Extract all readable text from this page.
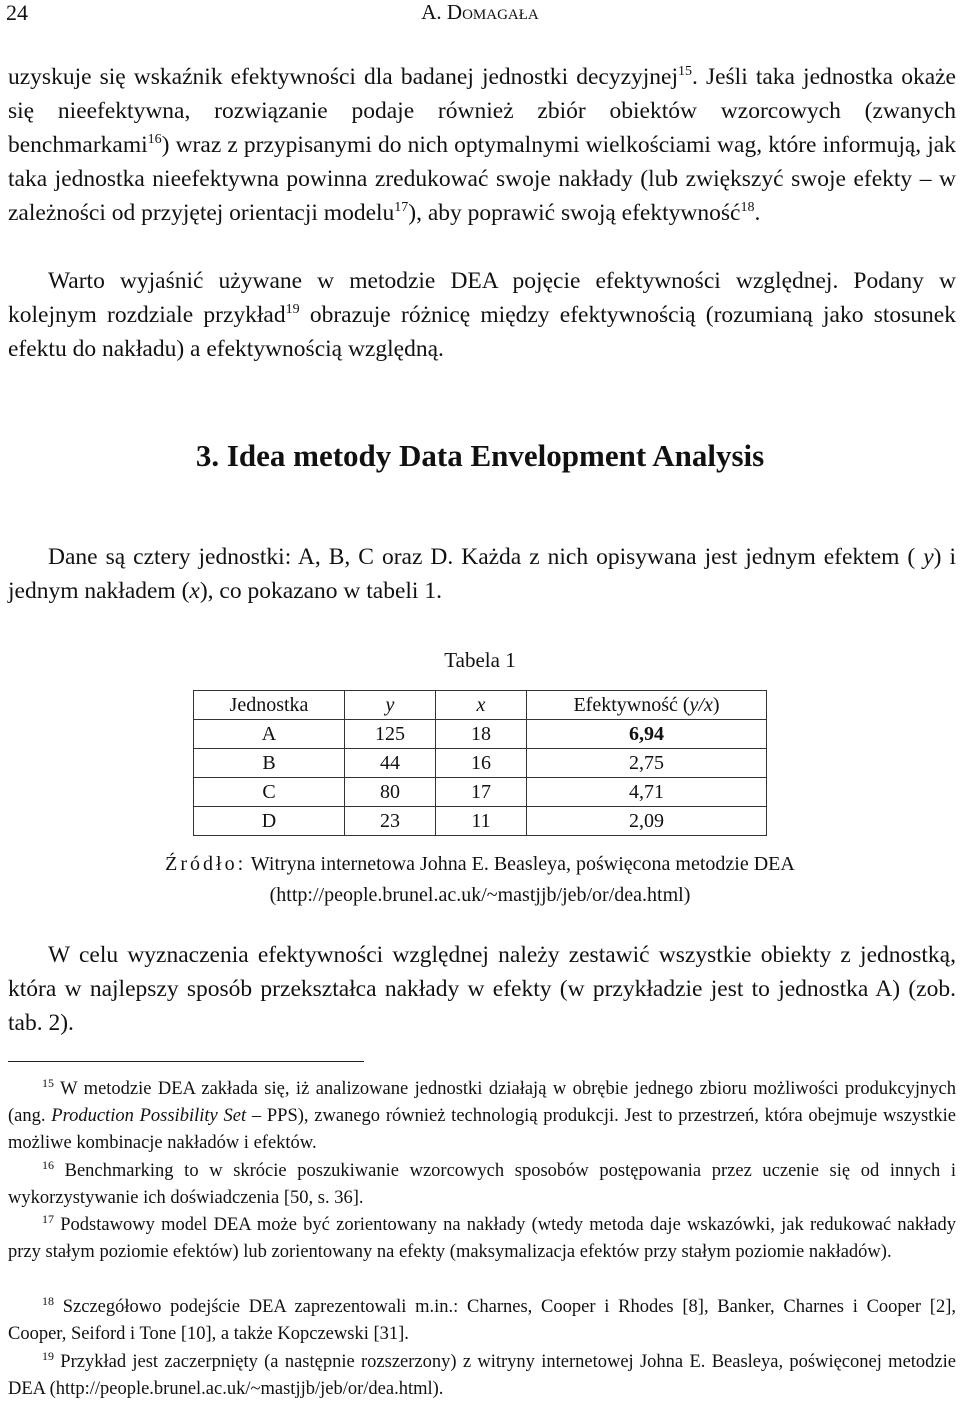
24	A. Domagała
uzyskuje się wskaźnik efektywności dla badanej jednostki decyzyjnej$^{15}$. Jeśli taka jednostka okaże się nieefektywna, rozwiązanie podaje również zbiór obiektów wzorcowych (zwanych benchmarkami$^{16}$) wraz z przypisanymi do nich optymalnymi wielkościami wag, które informują, jak taka jednostka nieefektywna powinna zredukować swoje nakłady (lub zwiększyć swoje efekty – w zależności od przyjętej orientacji modelu$^{17}$), aby poprawić swoją efektywność$^{18}$.
Warto wyjaśnić używane w metodzie DEA pojęcie efektywności względnej. Podany w kolejnym rozdziale przykład$^{19}$ obrazuje różnicę między efektywnością (rozumianą jako stosunek efektu do nakładu) a efektywnością względną.
3. Idea metody Data Envelopment Analysis
Dane są cztery jednostki: A, B, C oraz D. Każda z nich opisywana jest jednym efektem ( y) i jednym nakładem (x), co pokazano w tabeli 1.
Tabela 1
Jednostka	y	x	Efektywność (y/x)
A	125	18	6,94
B	44	16	2,75
C	80	17	4,71
D	23	11	2,09
Źródło: Witryna internetowa Johna E. Beasleya, poświęcona metodzie DEA
(http://people.brunel.ac.uk/~mastjjb/jeb/or/dea.html)
W celu wyznaczenia efektywności względnej należy zestawić wszystkie obiekty z jednostką, która w najlepszy sposób przekształca nakłady w efekty (w przykładzie jest to jednostka A) (zob. tab. 2).
$^{15}$ W metodzie DEA zakłada się, iż analizowane jednostki działają w obrębie jednego zbioru możliwości produkcyjnych (ang. Production Possibility Set – PPS), zwanego również technologią produkcji. Jest to przestrzeń, która obejmuje wszystkie możliwe kombinacje nakładów i efektów.
$^{16}$ Benchmarking to w skrócie poszukiwanie wzorcowych sposobów postępowania przez uczenie się od innych i wykorzystywanie ich doświadczenia [50, s. 36].
$^{17}$ Podstawowy model DEA może być zorientowany na nakłady (wtedy metoda daje wskazówki, jak redukować nakłady przy stałym poziomie efektów) lub zorientowany na efekty (maksymalizacja efektów przy stałym poziomie nakładów).
$^{18}$ Szczegółowo podejście DEA zaprezentowali m.in.: Charnes, Cooper i Rhodes [8], Banker, Charnes i Cooper [2], Cooper, Seiford i Tone [10], a także Kopczewski [31].
$^{19}$ Przykład jest zaczerpnięty (a następnie rozszerzony) z witryny internetowej Johna E. Beasleya, poświęconej metodzie DEA (http://people.brunel.ac.uk/~mastjjb/jeb/or/dea.html).
